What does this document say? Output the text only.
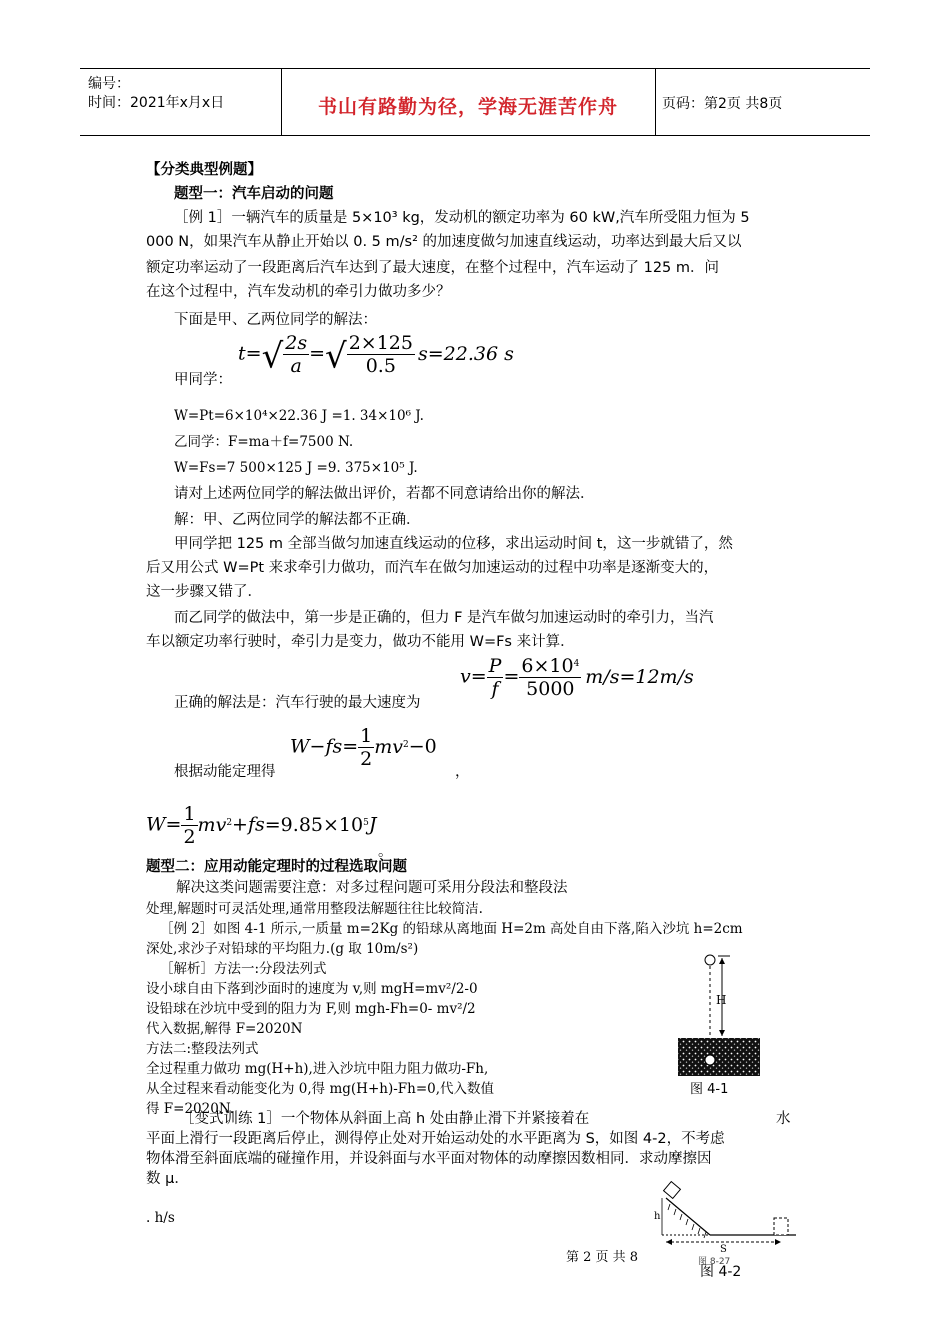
编号：
时间：2021年x月x日	书山有路勤为径，学海无涯苦作舟	页码：第2页 共8页
【分类典型例题】
题型一：汽车启动的问题
［例 1］一辆汽车的质量是 5×10³ kg，发动机的额定功率为 60 kW,汽车所受阻力恒为 5
000 N，如果汽车从静止开始以 0. 5 m/s² 的加速度做匀加速直线运动，功率达到最大后又以
额定功率运动了一段距离后汽车达到了最大速度，在整个过程中，汽车运动了 125 m．问
在这个过程中，汽车发动机的牵引力做功多少？
下面是甲、乙两位同学的解法：
甲同学：
$t=√ \frac{2s}{a}$ =√ $\frac{2\times 125}{0.5} s=22.36$ s
W=Pt=6×10⁴×22.36 J =1. 34×10⁶ J.
乙同学：F=ma＋f=7500 N.
W=Fs=7 500×125 J =9. 375×10⁵ J.
请对上述两位同学的解法做出评价，若都不同意请给出你的解法．
解：甲、乙两位同学的解法都不正确．
甲同学把 125 m 全部当做匀加速直线运动的位移，求出运动时间 t，这一步就错了，然
后又用公式 W=Pt 来求牵引力做功，而汽车在做匀加速运动的过程中功率是逐渐变大的，
这一步骤又错了．
而乙同学的做法中，第一步是正确的，但力 F 是汽车做匀加速运动时的牵引力，当汽
车以额定功率行驶时，牵引力是变力，做功不能用 W=Fs 来计算．
正确的解法是：汽车行驶的最大速度为
$v= \frac{P}{f} = \frac{6\times 10^4}{5000} m/s=12m/s$
根据动能定理得
$W-fs= \frac{1}{2} mv^2-0$
，
$W= \frac{1}{2} mv^2+fs=9.85\times 10^5J$
。
题型二：应用动能定理时的过程选取问题
解决这类问题需要注意：对多过程问题可采用分段法和整段法
处理,解题时可灵活处理,通常用整段法解题往往比较简洁.
［例 2］如图 4-1 所示,一质量 m=2Kg 的铅球从离地面 H=2m 高处自由下落,陷入沙坑 h=2cm
深处,求沙子对铅球的平均阻力.(g 取 10m/s²)
［解析］方法一:分段法列式
设小球自由下落到沙面时的速度为 v,则 mgH=mv²/2-0
设铅球在沙坑中受到的阻力为 F,则 mgh-Fh=0- mv²/2
代入数据,解得 F=2020N
方法二:整段法列式
全过程重力做功 mg(H+h),进入沙坑中阻力阻力做功-Fh,
从全过程来看动能变化为 0,得 mg(H+h)-Fh=0,代入数值
得 F=2020N.
H
图 4-1
［变式训练 1］一个物体从斜面上高 h 处由静止滑下并紧接着在	水
平面上滑行一段距离后停止，测得停止处对开始运动处的水平距离为 S，如图 4-2，不考虑
物体滑至斜面底端的碰撞作用，并设斜面与水平面对物体的动摩擦因数相同．求动摩擦因
数 μ．
. h/s	h
S
图 8-27
图 4-2
第 2 页 共 8
